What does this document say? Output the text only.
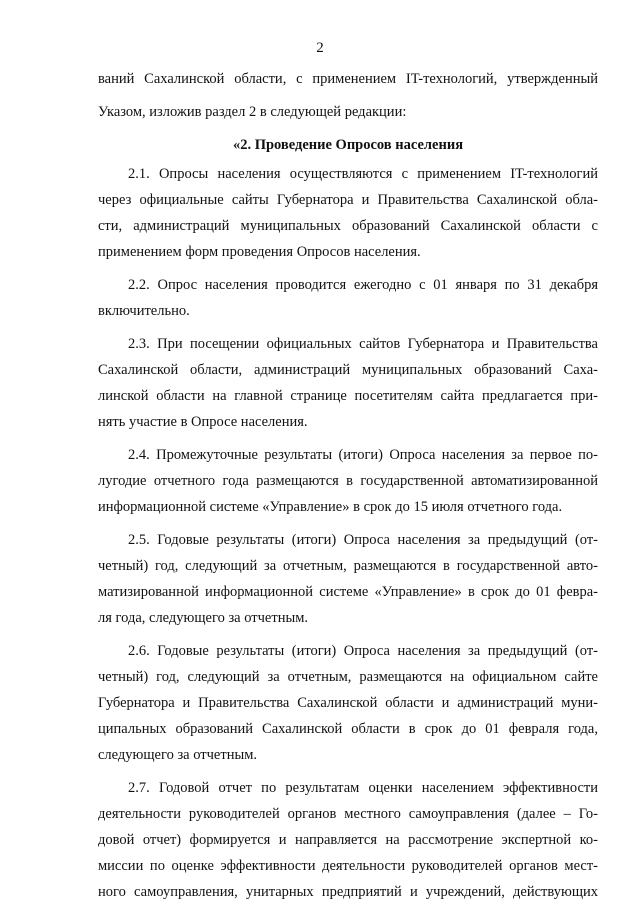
2

ваний Сахалинской области, с применением IT-технологий, утвержденный

Указом, изложив раздел 2 в следующей редакции:

«2. Проведение Опросов населения

2.1. Опросы населения осуществляются с применением IT-технологий

через официальные сайты Губернатора и Правительства Сахалинской обла-

сти, администраций муниципальных образований Сахалинской области с

применением форм проведения Опросов населения.

2.2. Опрос населения проводится ежегодно с 01 января по 31 декабря

включительно.

2.3. При посещении официальных сайтов Губернатора и Правительства

Сахалинской области, администраций муниципальных образований Саха-

линской области на главной странице посетителям сайта предлагается при-

нять участие в Опросе населения.

2.4. Промежуточные результаты (итоги) Опроса населения за первое по-

лугодие отчетного года размещаются в государственной автоматизированной

информационной системе «Управление» в срок до 15 июля отчетного года.

2.5. Годовые результаты (итоги) Опроса населения за предыдущий (от-

четный) год, следующий за отчетным, размещаются в государственной авто-

матизированной информационной системе «Управление» в срок до 01 февра-

ля года, следующего за отчетным.

2.6. Годовые результаты (итоги) Опроса населения за предыдущий (от-

четный) год, следующий за отчетным, размещаются на официальном сайте

Губернатора и Правительства Сахалинской области и администраций муни-

ципальных образований Сахалинской области в срок до 01 февраля года,

следующего за отчетным.

2.7. Годовой отчет по результатам оценки населением эффективности

деятельности руководителей органов местного самоуправления (далее – Го-

довой отчет) формируется и направляется на рассмотрение экспертной ко-

миссии по оценке эффективности деятельности руководителей органов мест-

ного самоуправления, унитарных предприятий и учреждений, действующих
